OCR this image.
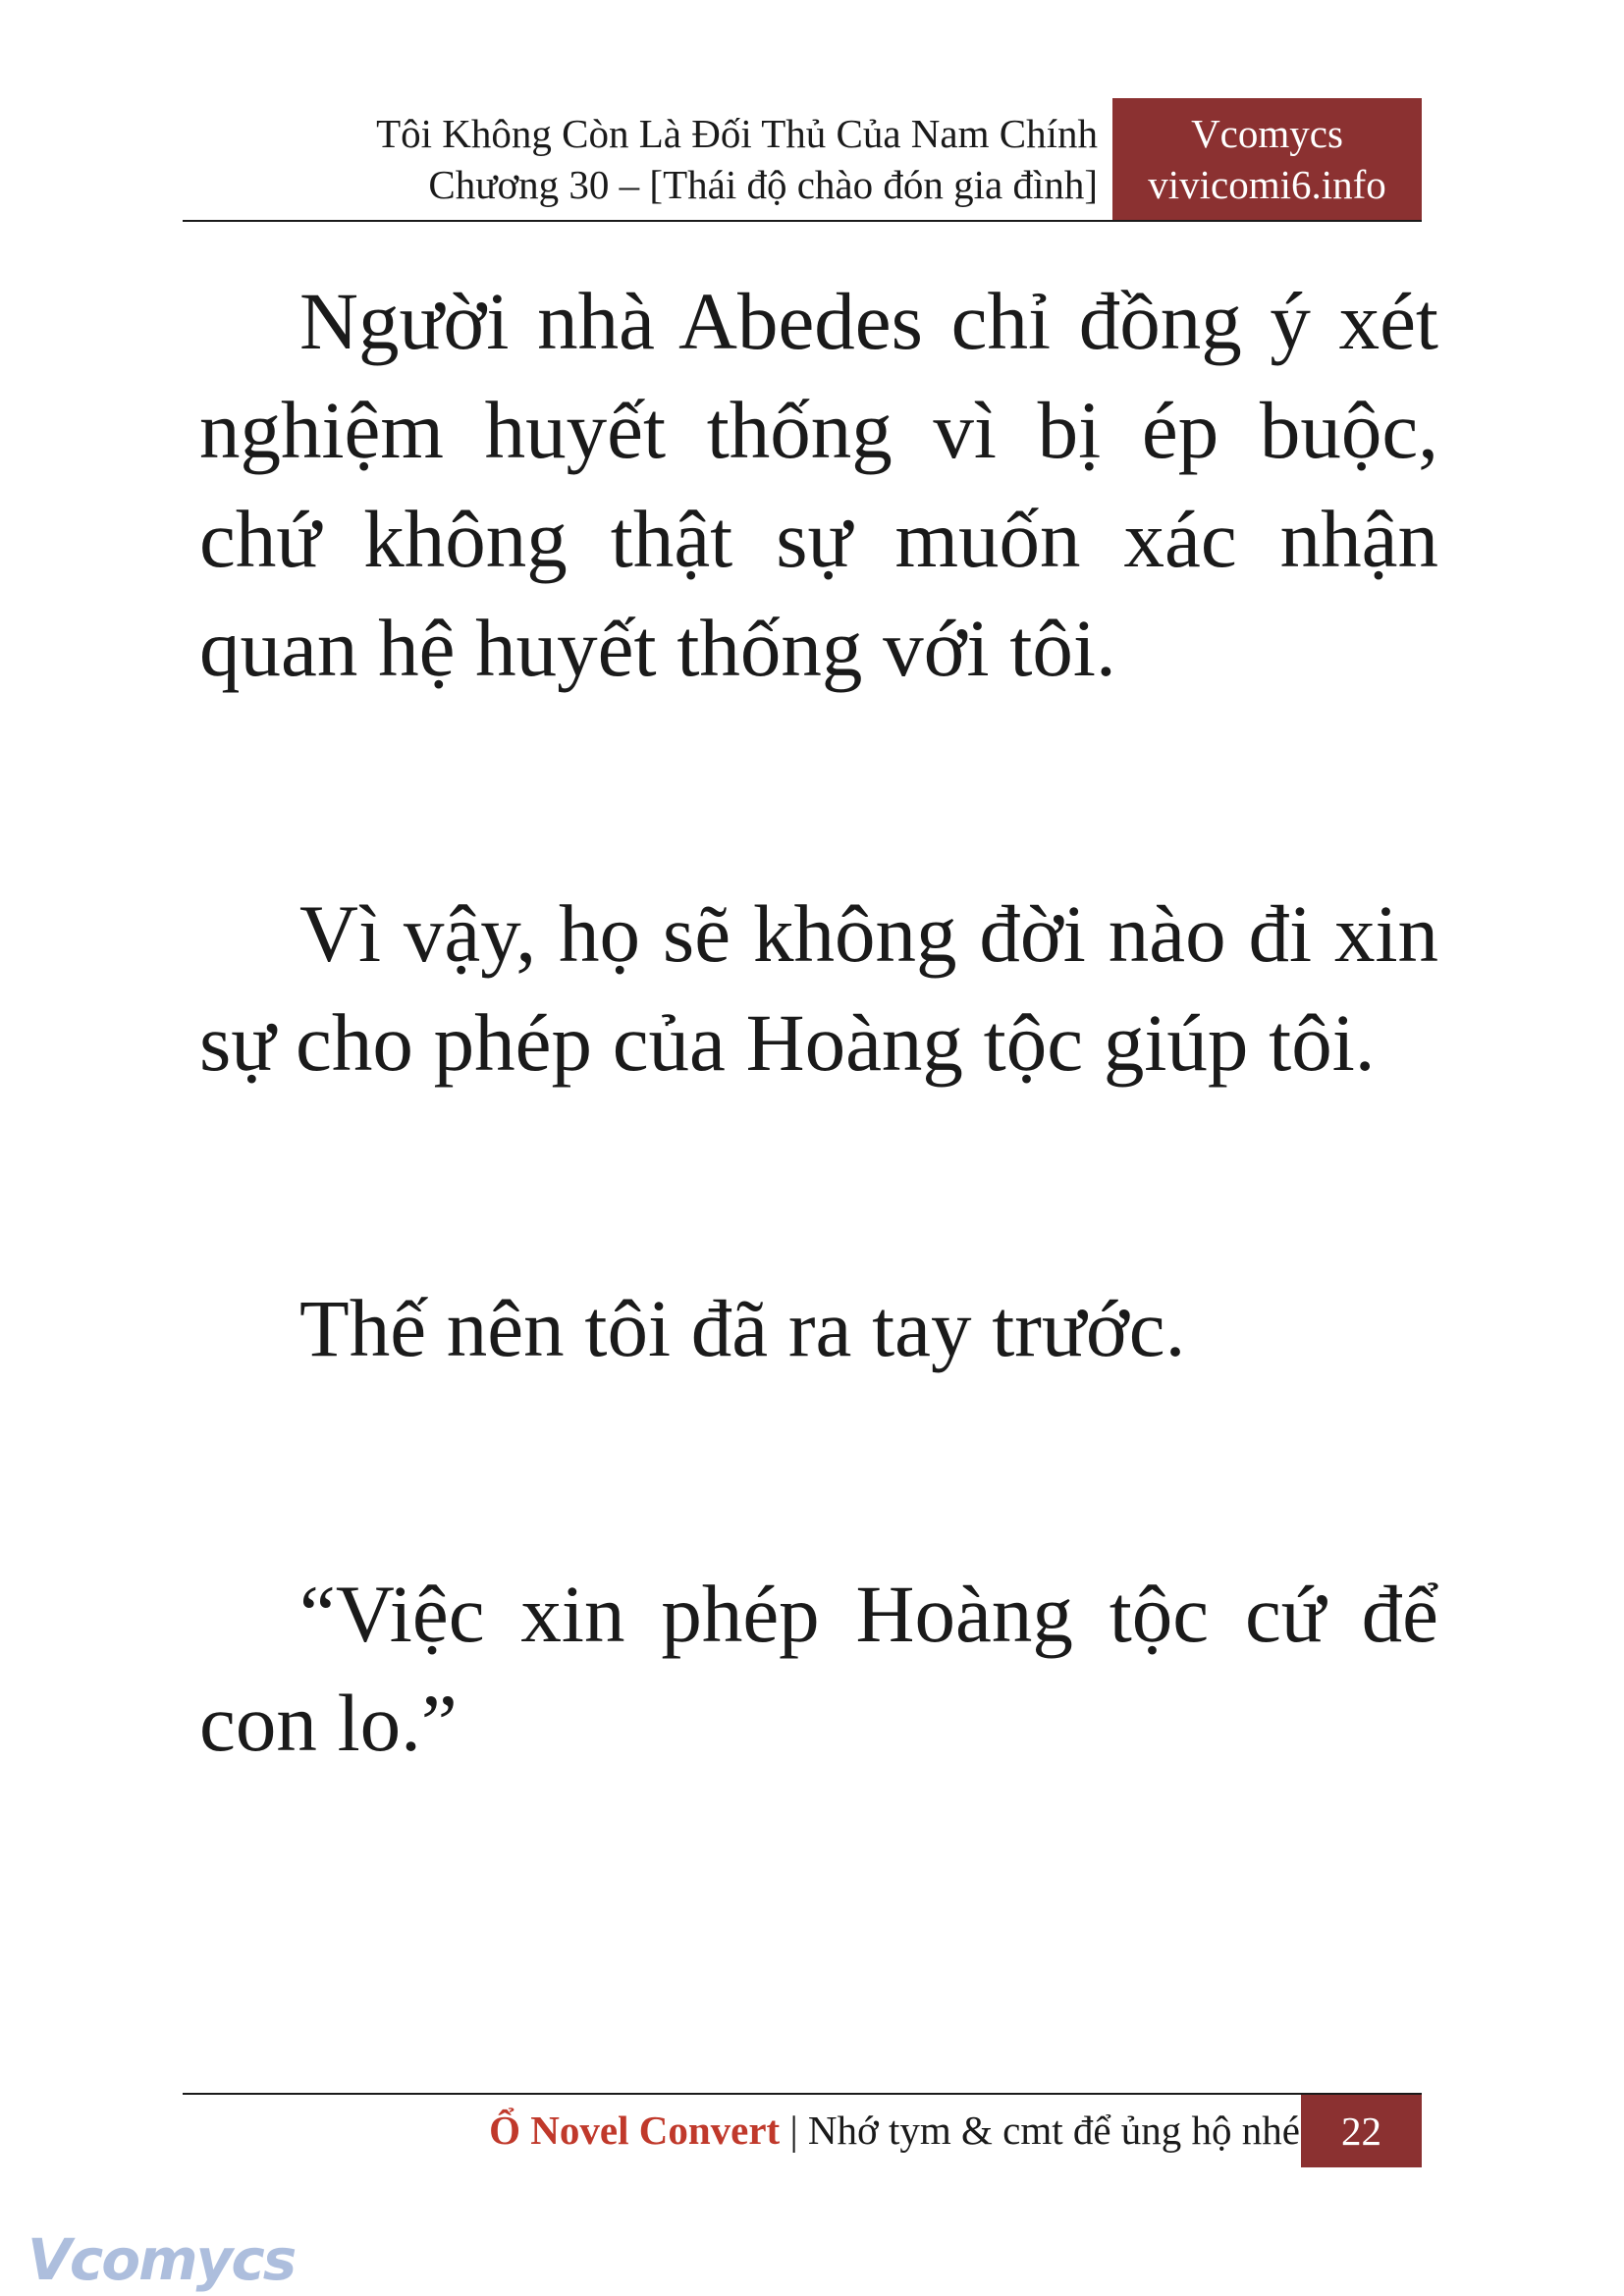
Tôi Không Còn Là Đối Thủ Của Nam Chính
Chương 30 – [Thái độ chào đón gia đình]
Vcomycs
vivicomi6.info

Người nhà Abedes chỉ đồng ý xét nghiệm huyết thống vì bị ép buộc, chứ không thật sự muốn xác nhận quan hệ huyết thống với tôi.

Vì vậy, họ sẽ không đời nào đi xin sự cho phép của Hoàng tộc giúp tôi.

Thế nên tôi đã ra tay trước.

“Việc xin phép Hoàng tộc cứ để con lo.”

Ổ Novel Convert | Nhớ tym & cmt để ủng hộ nhé	22
Vcomycs
